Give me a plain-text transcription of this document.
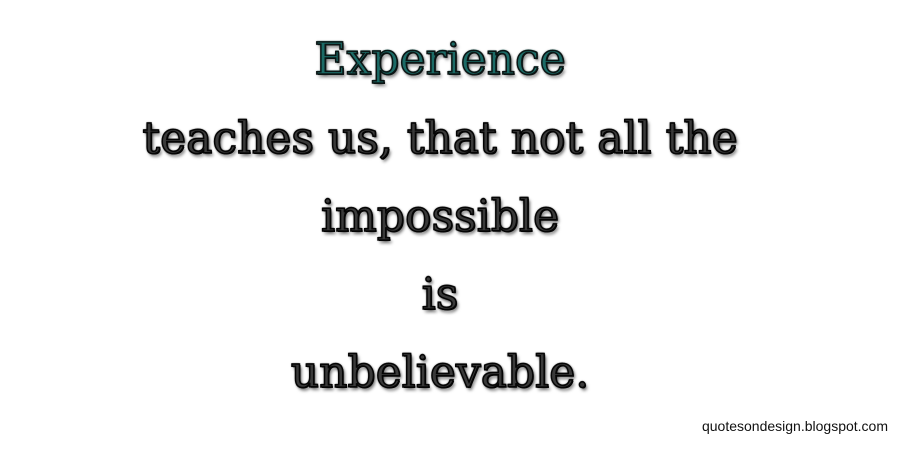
Experience
teaches us, that not all the
impossible
is
unbelievable.
quotesondesign.blogspot.com
